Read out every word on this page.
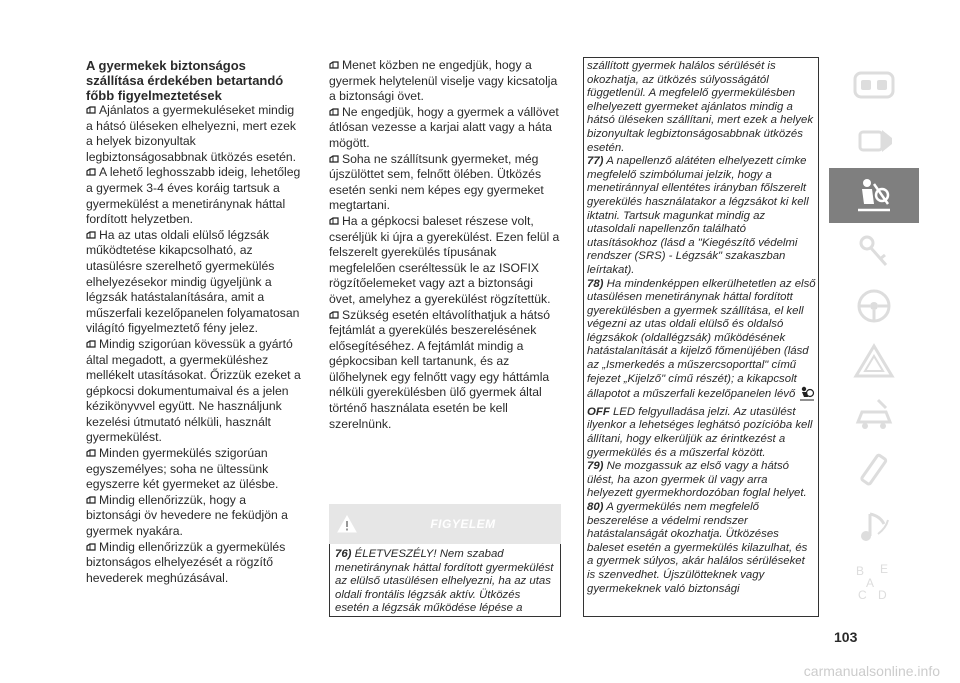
A gyermekek biztonságos szállítása érdekében betartandó főbb figyelmeztetések

Ajánlatos a gyermekuléseket mindig a hátsó üléseken elhelyezni, mert ezek a helyek bizonyultak legbiztonságosabbnak ütközés esetén.

A lehető leghosszabb ideig, lehetőleg a gyermek 3-4 éves koráig tartsuk a gyermekülést a menetiránynak háttal fordított helyzetben.

Ha az utas oldali elülső légzsák működtetése kikapcsolható, az utasülésre szerelhető gyermekülés elhelyezésekor mindig ügyeljünk a légzsák hatástalanítására, amit a műszerfali kezelőpanelen folyamatosan világító figyelmeztető fény jelez.

Mindig szigorúan kövessük a gyártó által megadott, a gyermeküléshez mellékelt utasításokat. Őrizzük ezeket a gépkocsi dokumentumaival és a jelen kézikönyvvel együtt. Ne használjunk kezelési útmutató nélküli, használt gyermekülést.

Minden gyermekülés szigorúan egyszemélyes; soha ne ültessünk egyszerre két gyermeket az ülésbe.

Mindig ellenőrizzük, hogy a biztonsági öv hevedere ne feküdjön a gyermek nyakára.

Mindig ellenőrizzük a gyermekülés biztonságos elhelyezését a rögzítő hevederek meghúzásával.

Menet közben ne engedjük, hogy a gyermek helytelenül viselje vagy kicsatolja a biztonsági övet.

Ne engedjük, hogy a gyermek a vállövet átlósan vezesse a karjai alatt vagy a háta mögött.

Soha ne szállítsunk gyermeket, még újszülöttet sem, felnőtt ölében. Ütközés esetén senki nem képes egy gyermeket megtartani.

Ha a gépkocsi baleset részese volt, cseréljük ki újra a gyerekülést. Ezen felül a felszerelt gyerekülés típusának megfelelően cseréltessük le az ISOFIX rögzítőelemeket vagy azt a biztonsági övet, amelyhez a gyerekülést rögzítettük.

Szükség esetén eltávolíthatjuk a hátsó fejtámlát a gyerekülés beszerelésének elősegítéséhez. A fejtámlát mindig a gépkocsiban kell tartanunk, és az ülőhelynek egy felnőtt vagy egy háttámla nélküli gyerekülésben ülő gyermek által történő használata esetén be kell szerelnünk.

FIGYELEM

76) ÉLETVESZÉLY! Nem szabad menetiránynak háttal fordított gyermekülést az elülső utasülésen elhelyezni, ha az utas oldali frontális légzsák aktív. Ütközés esetén a légzsák működése lépése a

szállított gyermek halálos sérülését is okozhatja, az ütközés súlyosságától függetlenül. A megfelelő gyermekülésben elhelyezett gyermeket ajánlatos mindig a hátsó üléseken szállítani, mert ezek a helyek bizonyultak legbiztonságosabbnak ütközés esetén.

77) A napellenző alátéten elhelyezett címke megfelelő szimbólumai jelzik, hogy a menetiránnyal ellentétes irányban főlszerelt gyerekülés használatakor a légzsákot ki kell iktatni. Tartsuk magunkat mindig az utasoldali napellenzőn található utasításokhoz (lásd a "Kiegészítő védelmi rendszer (SRS) - Légzsák" szakaszban leírtakat).

78) Ha mindenképpen elkerülhetetlen az első utasülésen menetiránynak háttal fordított gyerekülésben a gyermek szállítása, el kell végezni az utas oldali elülső és oldalsó légzsákok (oldallégzsák) működésének hatástalanítását a kijelző főmenüjében (lásd az „Ismerkedés a műszercsoporttal" című fejezet „Kijelző" című részét); a kikapcsolt állapotot a műszerfali kezelőpanelen lévő OFF LED felgyulladása jelzi. Az utasülést ilyenkor a lehetséges leghátsó pozícióba kell állítani, hogy elkerüljük az érintkezést a gyermekülés és a műszerfal között.

79) Ne mozgassuk az első vagy a hátsó ülést, ha azon gyermek ül vagy arra helyezett gyermekhordozóban foglal helyet.

80) A gyermekülés nem megfelelő beszerelése a védelmi rendszer hatástalanságát okozhatja. Ütközéses baleset esetén a gyermekülés kilazulhat, és a gyermek súlyos, akár halálos sérüléseket is szenvedhet. Újszülötteknek vagy gyermekeknek való biztonsági

B E
A
C D
103
carmanualsonline.info
